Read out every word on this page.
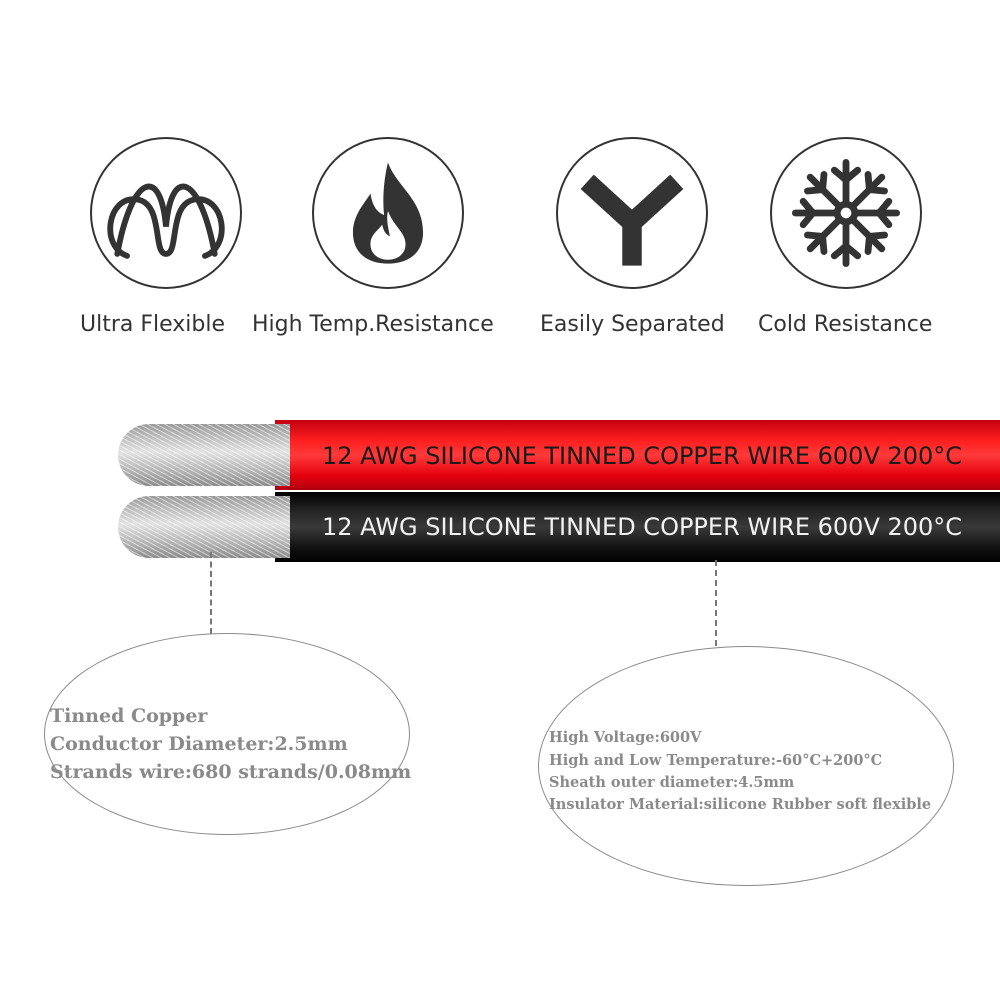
Ultra Flexible High Temp.Resistance Easily Separated Cold Resistance
12 AWG SILICONE TINNED COPPER WIRE 600V 200°C
12 AWG SILICONE TINNED COPPER WIRE 600V 200°C
Tinned Copper
Conductor Diameter:2.5mm
Strands wire:680 strands/0.08mm
High Voltage:600V
High and Low Temperature:-60°C+200°C
Sheath outer diameter:4.5mm
Insulator Material:silicone Rubber soft flexible
